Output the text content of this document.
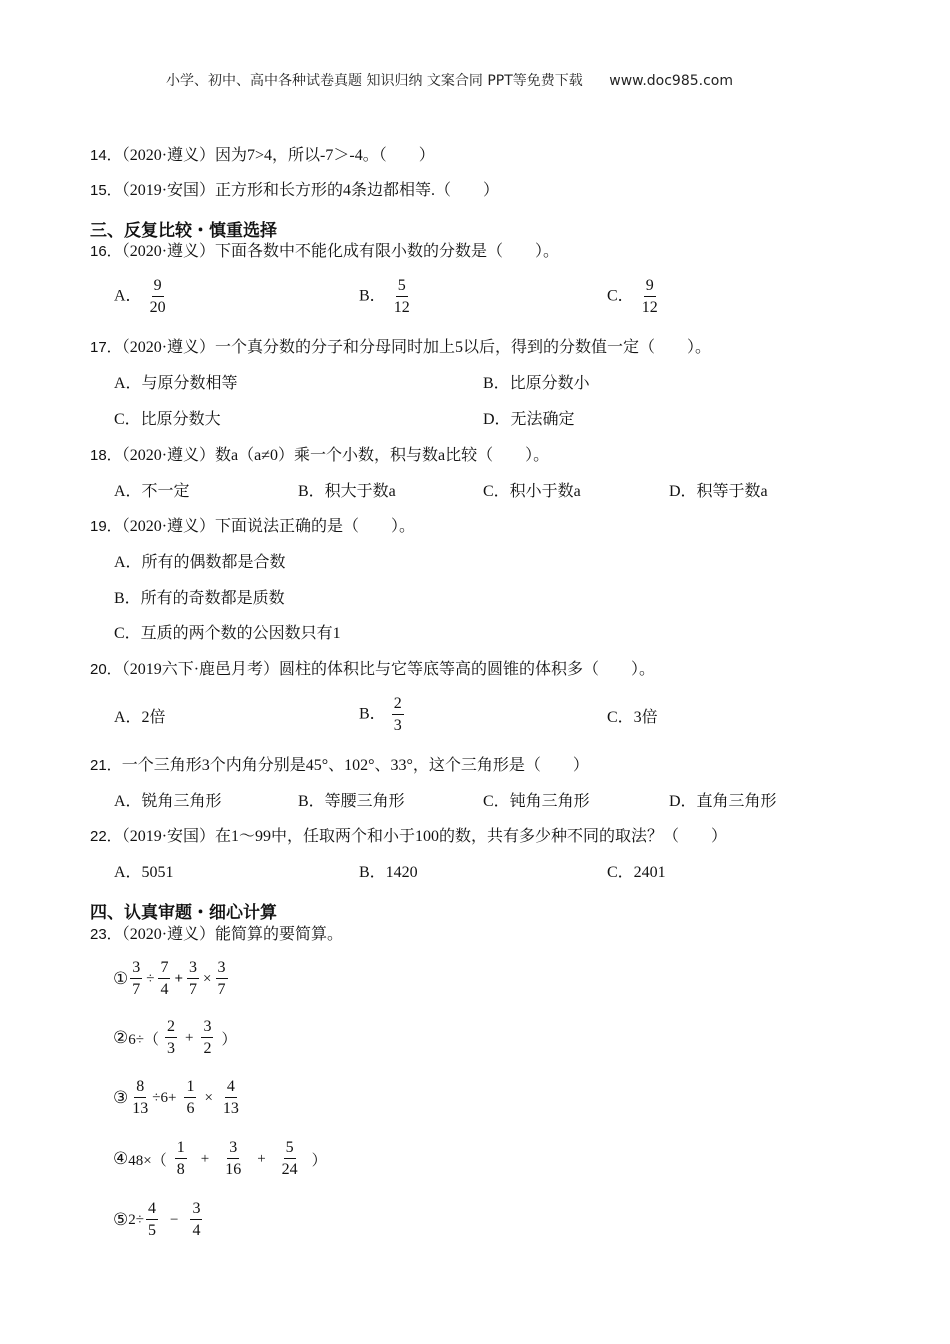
小学、初中、高中各种试卷真题 知识归纳 文案合同 PPT等免费下载 www.doc985.com
14．（2020·遵义）因为7>4，所以-7＞-4。（　　）
15．（2019·安国）正方形和长方形的4条边都相等.（　　）
三、反复比较・慎重选择
16．（2020·遵义）下面各数中不能化成有限小数的分数是（　　）。
A． $\frac{9}{20}$	B． $\frac{5}{12}$	C． $\frac{9}{12}$
17．（2020·遵义）一个真分数的分子和分母同时加上5以后，得到的分数值一定（　　）。
A．与原分数相等	B．比原分数小
C．比原分数大	D．无法确定
18．（2020·遵义）数a（a≠0）乘一个小数，积与数a比较（　　）。
A．不一定	B．积大于数a	C．积小于数a	D．积等于数a
19．（2020·遵义）下面说法正确的是（　　）。
A．所有的偶数都是合数
B．所有的奇数都是质数
C．互质的两个数的公因数只有1
20．（2019六下·鹿邑月考）圆柱的体积比与它等底等高的圆锥的体积多（　　）。
A．2倍	B． $\frac{2}{3}$	C．3倍
21．一个三角形3个内角分别是45°、102°、33°，这个三角形是（　　）
A．锐角三角形	B．等腰三角形	C．钝角三角形	D．直角三角形
22．（2019·安国）在1～99中，任取两个和小于100的数，共有多少种不同的取法？（　　）
A．5051	B．1420	C．2401
四、认真审题・细心计算
23．（2020·遵义）能简算的要简算。
① $\frac{3}{7} \div \frac{7}{4} + \frac{3}{7} \times \frac{3}{7}$
② $6\div( \frac{2}{3} + \frac{3}{2}$ ）
③ $\frac{8}{13} \div 6+ \frac{1}{6} \times \frac{4}{13}$
④ $48\times( \frac{1}{8} + \frac{3}{16} + \frac{5}{24}$ ）
⑤ $2\div \frac{4}{5} - \frac{3}{4}$
